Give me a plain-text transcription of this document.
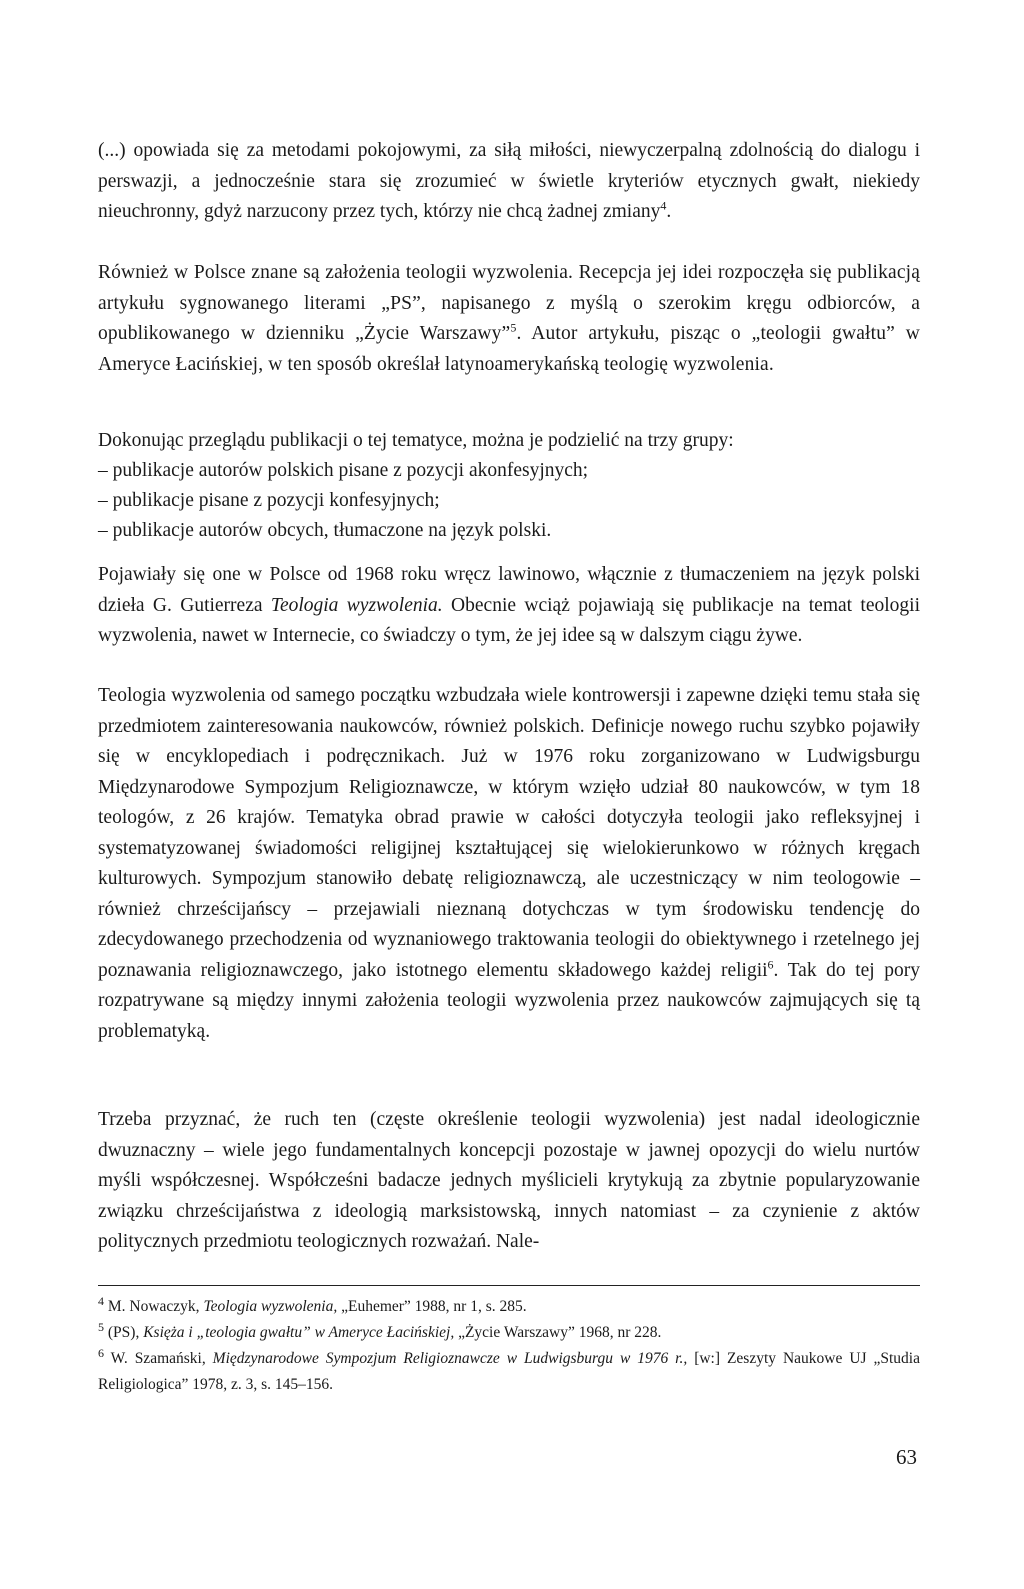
(...) opowiada się za metodami pokojowymi, za siłą miłości, niewyczerpalną zdolnością do dialogu i perswazji, a jednocześnie stara się zrozumieć w świetle kryteriów etycznych gwałt, niekiedy nieuchronny, gdyż narzucony przez tych, którzy nie chcą żadnej zmiany$^4$.

Również w Polsce znane są założenia teologii wyzwolenia. Recepcja jej idei rozpoczęła się publikacją artykułu sygnowanego literami „PS”, napisanego z myślą o szerokim kręgu odbiorców, a opublikowanego w dzienniku „Życie Warszawy”$^5$. Autor artykułu, pisząc o „teologii gwałtu” w Ameryce Łacińskiej, w ten sposób określał latynoamerykańską teologię wyzwolenia.

Dokonując przeglądu publikacji o tej tematyce, można je podzielić na trzy grupy:

– publikacje autorów polskich pisane z pozycji akonfesyjnych;

– publikacje pisane z pozycji konfesyjnych;

– publikacje autorów obcych, tłumaczone na język polski.

Pojawiały się one w Polsce od 1968 roku wręcz lawinowo, włącznie z tłumaczeniem na język polski dzieła G. Gutierreza Teologia wyzwolenia. Obecnie wciąż pojawiają się publikacje na temat teologii wyzwolenia, nawet w Internecie, co świadczy o tym, że jej idee są w dalszym ciągu żywe.

Teologia wyzwolenia od samego początku wzbudzała wiele kontrowersji i zapewne dzięki temu stała się przedmiotem zainteresowania naukowców, również polskich. Definicje nowego ruchu szybko pojawiły się w encyklopediach i podręcznikach. Już w 1976 roku zorganizowano w Ludwigsburgu Międzynarodowe Sympozjum Religioznawcze, w którym wzięło udział 80 naukowców, w tym 18 teologów, z 26 krajów. Tematyka obrad prawie w całości dotyczyła teologii jako refleksyjnej i systematyzowanej świadomości religijnej kształtującej się wielokierunkowo w różnych kręgach kulturowych. Sympozjum stanowiło debatę religioznawczą, ale uczestniczący w nim teologowie – również chrześcijańscy – przejawiali nieznaną dotychczas w tym środowisku tendencję do zdecydowanego przechodzenia od wyznaniowego traktowania teologii do obiektywnego i rzetelnego jej poznawania religioznawczego, jako istotnego elementu składowego każdej religii$^6$. Tak do tej pory rozpatrywane są między innymi założenia teologii wyzwolenia przez naukowców zajmujących się tą problematyką.

Trzeba przyznać, że ruch ten (częste określenie teologii wyzwolenia) jest nadal ideologicznie dwuznaczny – wiele jego fundamentalnych koncepcji pozostaje w jawnej opozycji do wielu nurtów myśli współczesnej. Współcześni badacze jednych myślicieli krytykują za zbytnie popularyzowanie związku chrześcijaństwa z ideologią marksistowską, innych natomiast – za czynienie z aktów politycznych przedmiotu teologicznych rozważań. Nale-

$^4$ M. Nowaczyk, Teologia wyzwolenia, „Euhemer” 1988, nr 1, s. 285.

$^5$ (PS), Księża i „teologia gwałtu” w Ameryce Łacińskiej, „Życie Warszawy” 1968, nr 228.

$^6$ W. Szamański, Międzynarodowe Sympozjum Religioznawcze w Ludwigsburgu w 1976 r., [w:] Zeszyty Naukowe UJ „Studia Religiologica” 1978, z. 3, s. 145–156.

63
